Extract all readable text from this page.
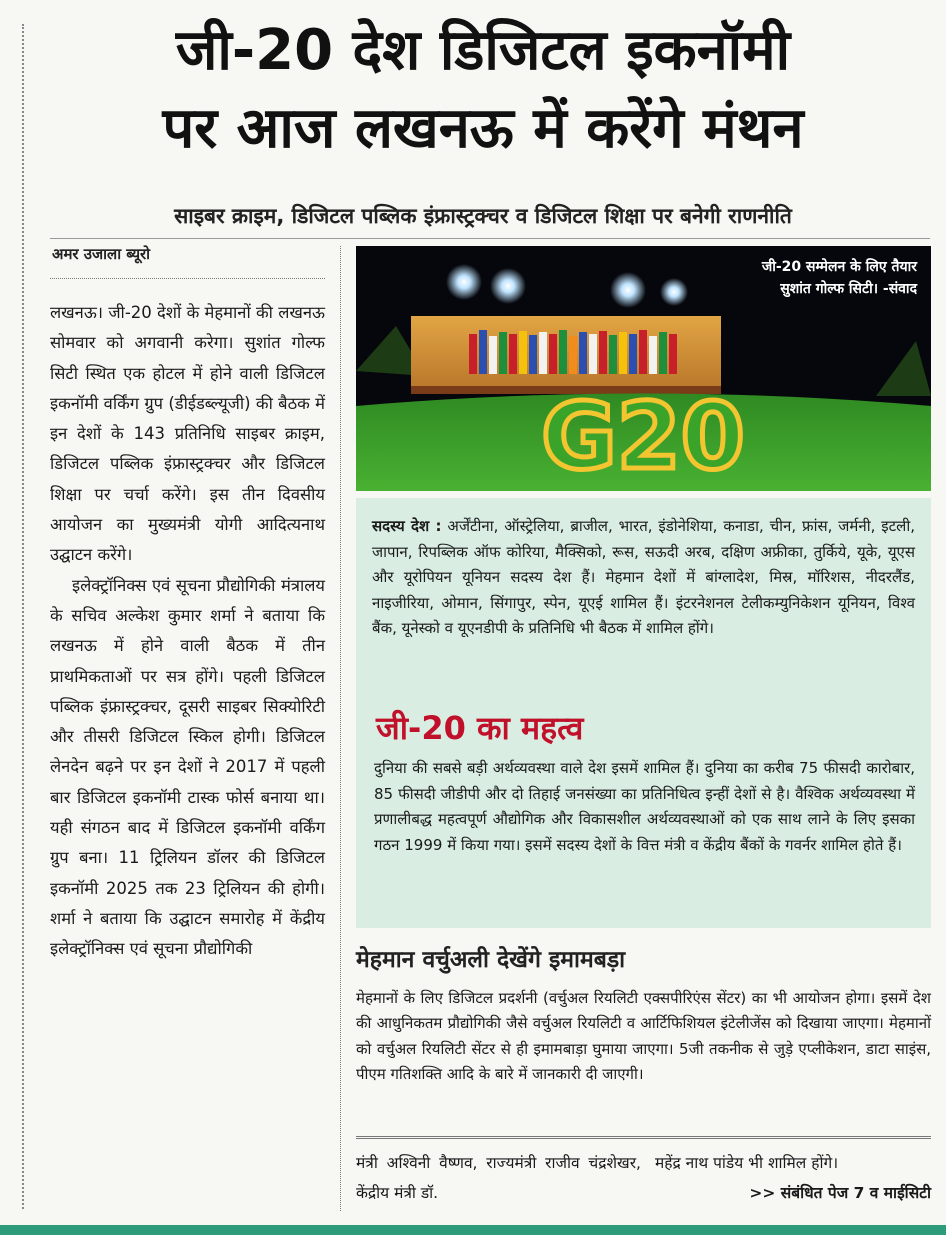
जी-20 देश डिजिटल इकनॉमी
पर आज लखनऊ में करेंगे मंथन
साइबर क्राइम, डिजिटल पब्लिक इंफ्रास्ट्रक्चर व डिजिटल शिक्षा पर बनेगी राणनीति
अमर उजाला ब्यूरो

लखनऊ। जी-20 देशों के मेहमानों की लखनऊ सोमवार को अगवानी करेगा। सुशांत गोल्फ सिटी स्थित एक होटल में होने वाली डिजिटल इकनॉमी वर्किंग ग्रुप (डीईडब्ल्यूजी) की बैठक में इन देशों के 143 प्रतिनिधि साइबर क्राइम, डिजिटल पब्लिक इंफ्रास्ट्रक्चर और डिजिटल शिक्षा पर चर्चा करेंगे। इस तीन दिवसीय आयोजन का मुख्यमंत्री योगी आदित्यनाथ उद्घाटन करेंगे।

इलेक्ट्रॉनिक्स एवं सूचना प्रौद्योगिकी मंत्रालय के सचिव अल्केश कुमार शर्मा ने बताया कि लखनऊ में होने वाली बैठक में तीन प्राथमिकताओं पर सत्र होंगे। पहली डिजिटल पब्लिक इंफ्रास्ट्रक्चर, दूसरी साइबर सिक्योरिटी और तीसरी डिजिटल स्किल होगी। डिजिटल लेनदेन बढ़ने पर इन देशों ने 2017 में पहली बार डिजिटल इकनॉमी टास्क फोर्स बनाया था। यही संगठन बाद में डिजिटल इकनॉमी वर्किंग ग्रुप बना। 11 ट्रिलियन डॉलर की डिजिटल इकनॉमी 2025 तक 23 ट्रिलियन की होगी। शर्मा ने बताया कि उद्घाटन समारोह में केंद्रीय इलेक्ट्रॉनिक्स एवं सूचना प्रौद्योगिकी

G20
जी-20 सम्मेलन के लिए तैयार सुशांत गोल्फ सिटी। -संवाद
सदस्य देश : अर्जेंटीना, ऑस्ट्रेलिया, ब्राजील, भारत, इंडोनेशिया, कनाडा, चीन, फ्रांस, जर्मनी, इटली, जापान, रिपब्लिक ऑफ कोरिया, मैक्सिको, रूस, सऊदी अरब, दक्षिण अफ्रीका, तुर्किये, यूके, यूएस और यूरोपियन यूनियन सदस्य देश हैं। मेहमान देशों में बांग्लादेश, मिस्र, मॉरिशस, नीदरलैंड, नाइजीरिया, ओमान, सिंगापुर, स्पेन, यूएई शामिल हैं। इंटरनेशनल टेलीकम्युनिकेशन यूनियन, विश्व बैंक, यूनेस्को व यूएनडीपी के प्रतिनिधि भी बैठक में शामिल होंगे।
जी-20 का महत्व
दुनिया की सबसे बड़ी अर्थव्यवस्था वाले देश इसमें शामिल हैं। दुनिया का करीब 75 फीसदी कारोबार, 85 फीसदी जीडीपी और दो तिहाई जनसंख्या का प्रतिनिधित्व इन्हीं देशों से है। वैश्विक अर्थव्यवस्था में प्रणालीबद्ध महत्वपूर्ण औद्योगिक और विकासशील अर्थव्यवस्थाओं को एक साथ लाने के लिए इसका गठन 1999 में किया गया। इसमें सदस्य देशों के वित्त मंत्री व केंद्रीय बैंकों के गवर्नर शामिल होते हैं।
मेहमान वर्चुअली देखेंगे इमामबड़ा
मेहमानों के लिए डिजिटल प्रदर्शनी (वर्चुअल रियलिटी एक्सपीरिएंस सेंटर) का भी आयोजन होगा। इसमें देश की आधुनिकतम प्रौद्योगिकी जैसे वर्चुअल रियलिटी व आर्टिफिशियल इंटेलीजेंस को दिखाया जाएगा। मेहमानों को वर्चुअल रियलिटी सेंटर से ही इमामबाड़ा घुमाया जाएगा। 5जी तकनीक से जुड़े एप्लीकेशन, डाटा साइंस, पीएम गतिशक्ति आदि के बारे में जानकारी दी जाएगी।
मंत्री अश्विनी वैष्णव, राज्यमंत्री राजीव चंद्रशेखर, केंद्रीय मंत्री डॉ.
महेंद्र नाथ पांडेय भी शामिल होंगे।
>> संबंधित पेज 7 व माईसिटी
